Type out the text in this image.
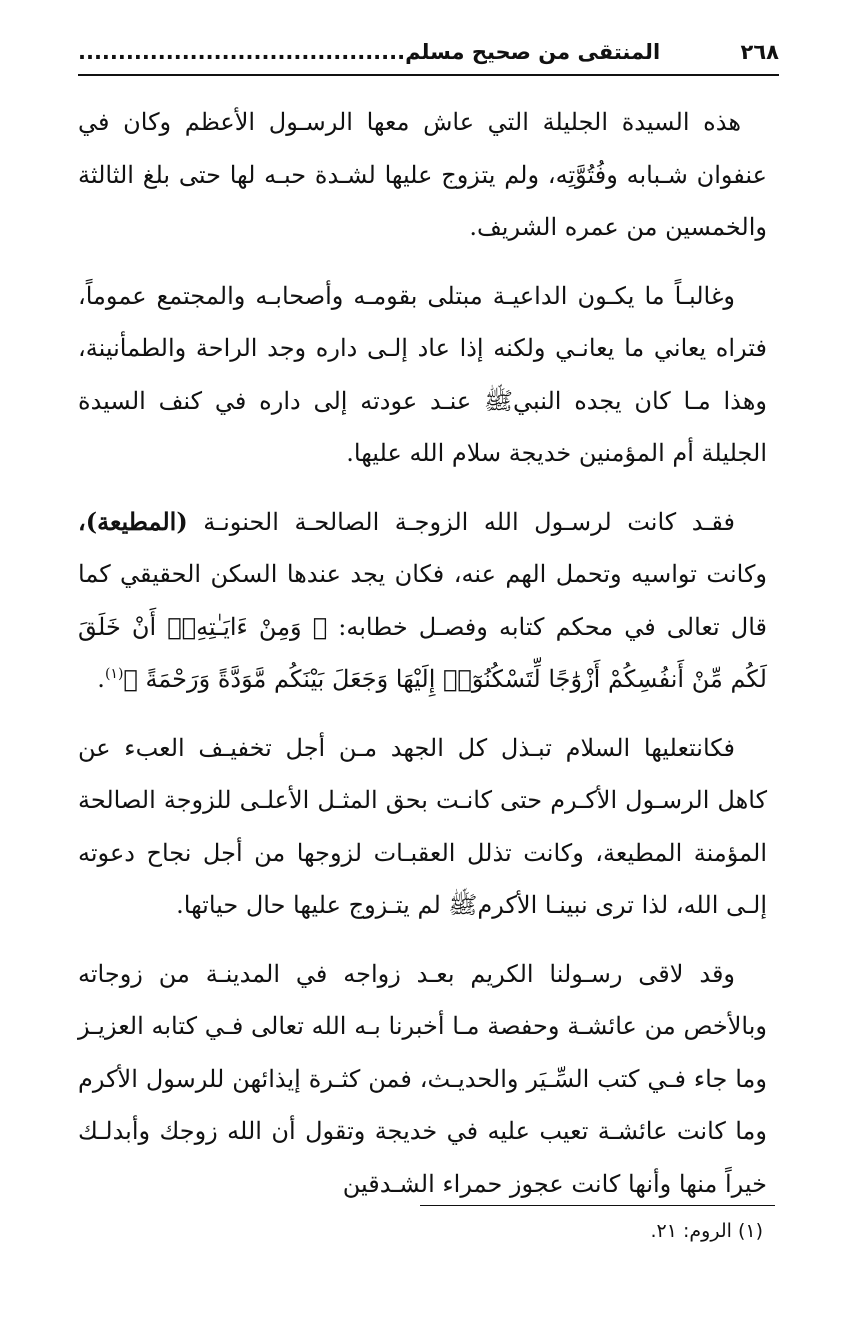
٢٦٨
المنتقى من صحيح مسلم.........................................

هذه السيدة الجليلة التي عاش معها الرسـول الأعظم وكان في عنفوان شـبابه وفُتُوَّتِه، ولم يتزوج عليها لشـدة حبـه لها حتى بلغ الثالثة والخمسين من عمره الشريف.

وغالبـاً ما يكـون الداعيـة مبتلى بقومـه وأصحابـه والمجتمع عموماً، فتراه يعاني ما يعانـي ولكنه إذا عاد إلـى داره وجد الراحة والطمأنينة، وهذا مـا كان يجده النبيﷺ عنـد عودته إلى داره في كنف السيدة الجليلة أم المؤمنين خديجة سلام الله عليها.

فقـد كانت لرسـول الله الزوجـة الصالحـة الحنونـة (المطيعة)، وكانت تواسيه وتحمل الهم عنه، فكان يجد عندها السكن الحقيقي كما قال تعالى في محكم كتابه وفصـل خطابه: ﴿ وَمِنْ ءَايَـٰتِهِۦٓ أَنْ خَلَقَ لَكُم مِّنْ أَنفُسِكُمْ أَزْوَٰجًا لِّتَسْكُنُوٓا۟ إِلَيْهَا وَجَعَلَ بَيْنَكُم مَّوَدَّةً وَرَحْمَةً ﴾$^{(١)}$.

فكانتعليها السلام تبـذل كل الجهد مـن أجل تخفيـف العبء عن كاهل الرسـول الأكـرم حتى كانـت بحق المثـل الأعلـى للزوجة الصالحة المؤمنة المطيعة، وكانت تذلل العقبـات لزوجها من أجل نجاح دعوته إلـى الله، لذا ترى نبينـا الأكرمﷺ لم يتـزوج عليها حال حياتها.

وقد لاقى رسـولنا الكريم بعـد زواجه في المدينـة من زوجاته وبالأخص من عائشـة وحفصة مـا أخبرنا بـه الله تعالى فـي كتابه العزيـز وما جاء فـي كتب السِّـيَر والحديـث، فمن كثـرة إيذائهن للرسول الأكرم وما كانت عائشـة تعيب عليه في خديجة وتقول أن الله زوجك وأبدلـك خيراً منها وأنها كانت عجوز حمراء الشـدقين

(١) الروم: ٢١.
